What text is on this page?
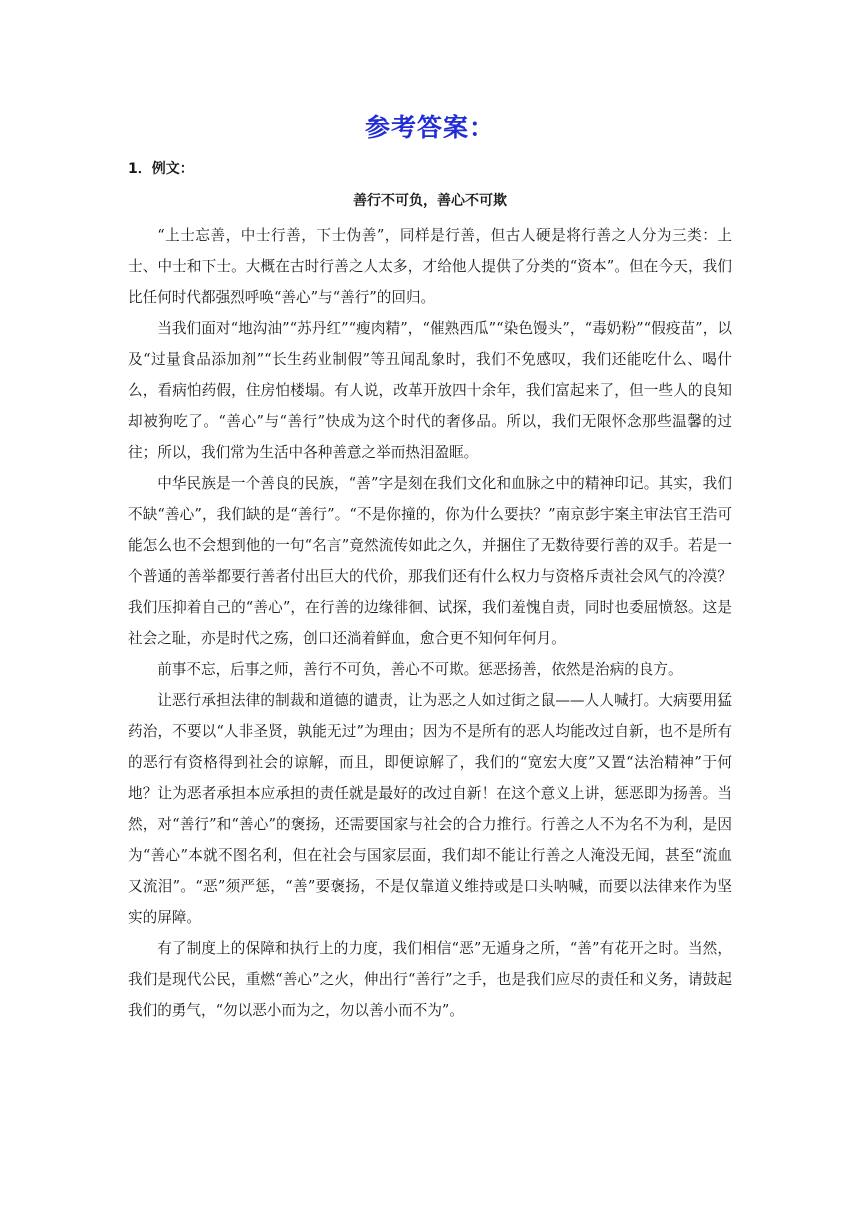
参考答案：
1．例文：
善行不可负，善心不可欺

“上士忘善，中士行善，下士伪善”，同样是行善，但古人硬是将行善之人分为三类：上士、中士和下士。大概在古时行善之人太多，才给他人提供了分类的“资本”。但在今天，我们比任何时代都强烈呼唤“善心”与“善行”的回归。

当我们面对“地沟油”“苏丹红”“瘦肉精”，“催熟西瓜”“染色馒头”，“毒奶粉”“假疫苗”，以及“过量食品添加剂”“长生药业制假”等丑闻乱象时，我们不免感叹，我们还能吃什么、喝什么，看病怕药假，住房怕楼塌。有人说，改革开放四十余年，我们富起来了，但一些人的良知却被狗吃了。“善心”与“善行”快成为这个时代的奢侈品。所以，我们无限怀念那些温馨的过往；所以，我们常为生活中各种善意之举而热泪盈眶。

中华民族是一个善良的民族，“善”字是刻在我们文化和血脉之中的精神印记。其实，我们不缺“善心”，我们缺的是“善行”。“不是你撞的，你为什么要扶？”南京彭宇案主审法官王浩可能怎么也不会想到他的一句“名言”竟然流传如此之久，并捆住了无数待要行善的双手。若是一个普通的善举都要行善者付出巨大的代价，那我们还有什么权力与资格斥责社会风气的冷漠？我们压抑着自己的“善心”，在行善的边缘徘徊、试探，我们羞愧自责，同时也委屈愤怒。这是社会之耻，亦是时代之殇，创口还淌着鲜血，愈合更不知何年何月。

前事不忘，后事之师，善行不可负，善心不可欺。惩恶扬善，依然是治病的良方。

让恶行承担法律的制裁和道德的谴责，让为恶之人如过街之鼠——人人喊打。大病要用猛药治，不要以“人非圣贤，孰能无过”为理由；因为不是所有的恶人均能改过自新，也不是所有的恶行有资格得到社会的谅解，而且，即便谅解了，我们的“宽宏大度”又置“法治精神”于何地？让为恶者承担本应承担的责任就是最好的改过自新！在这个意义上讲，惩恶即为扬善。当然，对“善行”和“善心”的褒扬，还需要国家与社会的合力推行。行善之人不为名不为利，是因为“善心”本就不图名利，但在社会与国家层面，我们却不能让行善之人淹没无闻，甚至“流血又流泪”。“恶”须严惩，“善”要褒扬，不是仅靠道义维持或是口头呐喊，而要以法律来作为坚实的屏障。

有了制度上的保障和执行上的力度，我们相信“恶”无遁身之所，“善”有花开之时。当然，我们是现代公民，重燃“善心”之火，伸出行“善行”之手，也是我们应尽的责任和义务，请鼓起我们的勇气，“勿以恶小而为之，勿以善小而不为”。
